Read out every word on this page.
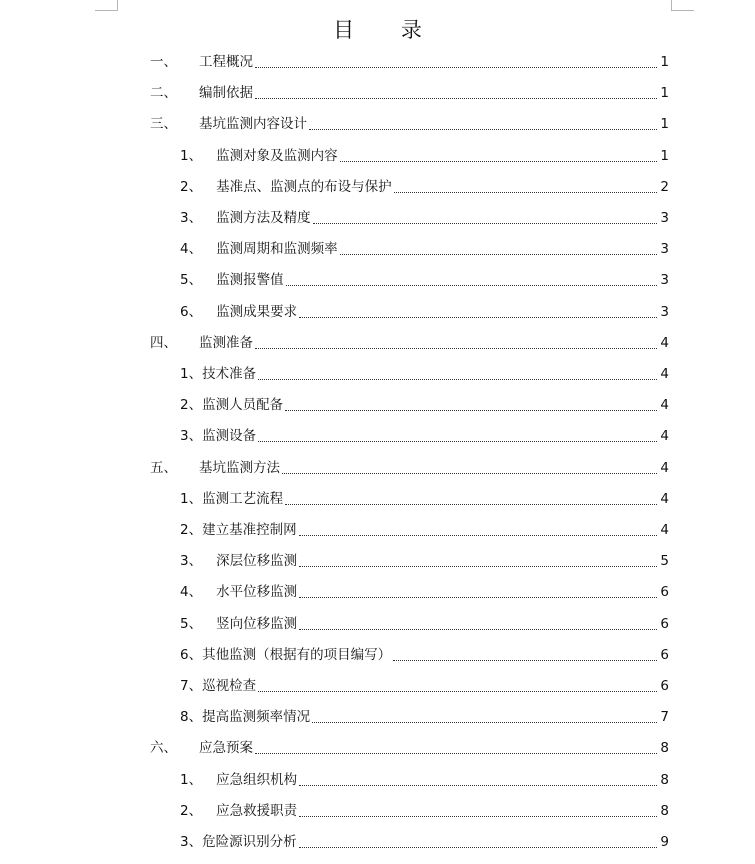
目 录
一、 工程概况	1
二、 编制依据	1
三、 基坑监测内容设计	1
1、 监测对象及监测内容	1
2、 基准点、监测点的布设与保护	2
3、 监测方法及精度	3
4、 监测周期和监测频率	3
5、 监测报警值	3
6、 监测成果要求	3
四、 监测准备	4
1、 技术准备	4
2、 监测人员配备	4
3、 监测设备	4
五、 基坑监测方法	4
1、 监测工艺流程	4
2、 建立基准控制网	4
3、 深层位移监测	5
4、 水平位移监测	6
5、 竖向位移监测	6
6、 其他监测（根据有的项目编写）	6
7、 巡视检查	6
8、 提高监测频率情况	7
六、 应急预案	8
1、 应急组织机构	8
2、 应急救援职责	8
3、 危险源识别分析	9
